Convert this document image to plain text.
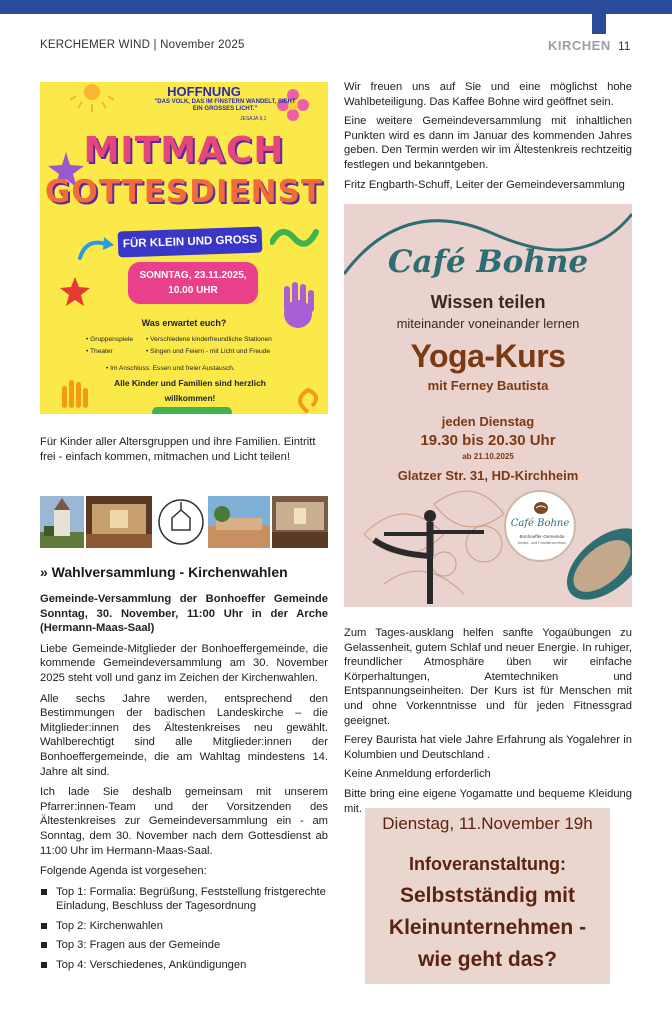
KERCHEMER WIND | November 2025	KIRCHEN 11
HOFFNUNG
"DAS VOLK, DAS IM FINSTERN WANDELT, SIEHT EIN GROSSES LICHT."
JESAJA 9,1
MITMACH
GOTTESDIENST
FÜR KLEIN UND GROSS
SONNTAG, 23.11.2025,
10.00 UHR
Was erwartet euch?
• Gruppenspiele • Verschiedene kinderfreundliche Stationen
• Theater	• Singen und Feiern - mit Licht und Freude
• Im Anschluss: Essen und freier Austausch.
Alle Kinder und Familien sind herzlich
willkommen!
Für Kinder aller Altersgruppen und ihre Familien. Eintritt frei - einfach kommen, mitmachen und Licht teilen!
» Wahlversammlung - Kirchenwahlen

Gemeinde-Versammlung der Bonhoeffer Gemeinde Sonntag, 30. November, 11:00 Uhr in der Arche (Hermann-Maas-Saal)

Liebe Gemeinde-Mitglieder der Bonhoeffergemeinde, die kommende Gemeindeversammlung am 30. November 2025 steht voll und ganz im Zeichen der Kirchenwahlen.

Alle sechs Jahre werden, entsprechend den Bestimmungen der badischen Landeskirche – die Mitglieder:innen des Ältestenkreises neu gewählt. Wahlberechtigt sind alle Mitglieder:innen der Bonhoeffergemeinde, die am Wahltag mindestens 14. Jahre alt sind.

Ich lade Sie deshalb gemeinsam mit unserem Pfarrer:innen-Team und der Vorsitzenden des Ältestenkreises zur Gemeindeversammlung ein - am Sonntag, dem 30. November nach dem Gottesdienst ab 11:00 Uhr im Hermann-Maas-Saal.

Folgende Agenda ist vorgesehen:

Top 1: Formalia: Begrüßung, Feststellung fristgerechte Einladung, Beschluss der Tagesordnung
Top 2: Kirchenwahlen
Top 3: Fragen aus der Gemeinde
Top 4: Verschiedenes, Ankündigungen

Wir freuen uns auf Sie und eine möglichst hohe Wahlbeteiligung. Das Kaffee Bohne wird geöffnet sein.

Eine weitere Gemeindeversammlung mit inhaltlichen Punkten wird es dann im Januar des kommenden Jahres geben. Den Termin werden wir im Ältestenkreis rechtzeitig festlegen und bekanntgeben.

Fritz Engbarth-Schuff, Leiter der Gemeindeversammlung

Café Bohne
Wissen teilen
miteinander voneinander lernen
Yoga-Kurs
mit Ferney Bautista
jeden Dienstag
19.30 bis 20.30 Uhr
ab 21.10.2025
Glatzer Str. 31, HD-Kirchheim
Café Bohne
Bonhoeffer-Gemeinde
Kinder- und Familienzentrum

Zum Tages-ausklang helfen sanfte Yogaübungen zu Gelassenheit, gutem Schlaf und neuer Energie. In ruhiger, freundlicher Atmosphäre üben wir einfache Körperhaltungen, Atemtechniken und Entspannungseinheiten. Der Kurs ist für Menschen mit und ohne Vorkenntnisse und für jeden Fitnessgrad geeignet.

Ferey Baurista hat viele Jahre Erfahrung als Yogalehrer in Kolumbien und Deutschland .

Keine Anmeldung erforderlich

Bitte bring eine eigene Yogamatte und bequeme Kleidung mit.

Dienstag, 11.November 19h
Infoveranstaltung:
Selbstständig mit
Kleinunternehmen -
wie geht das?
